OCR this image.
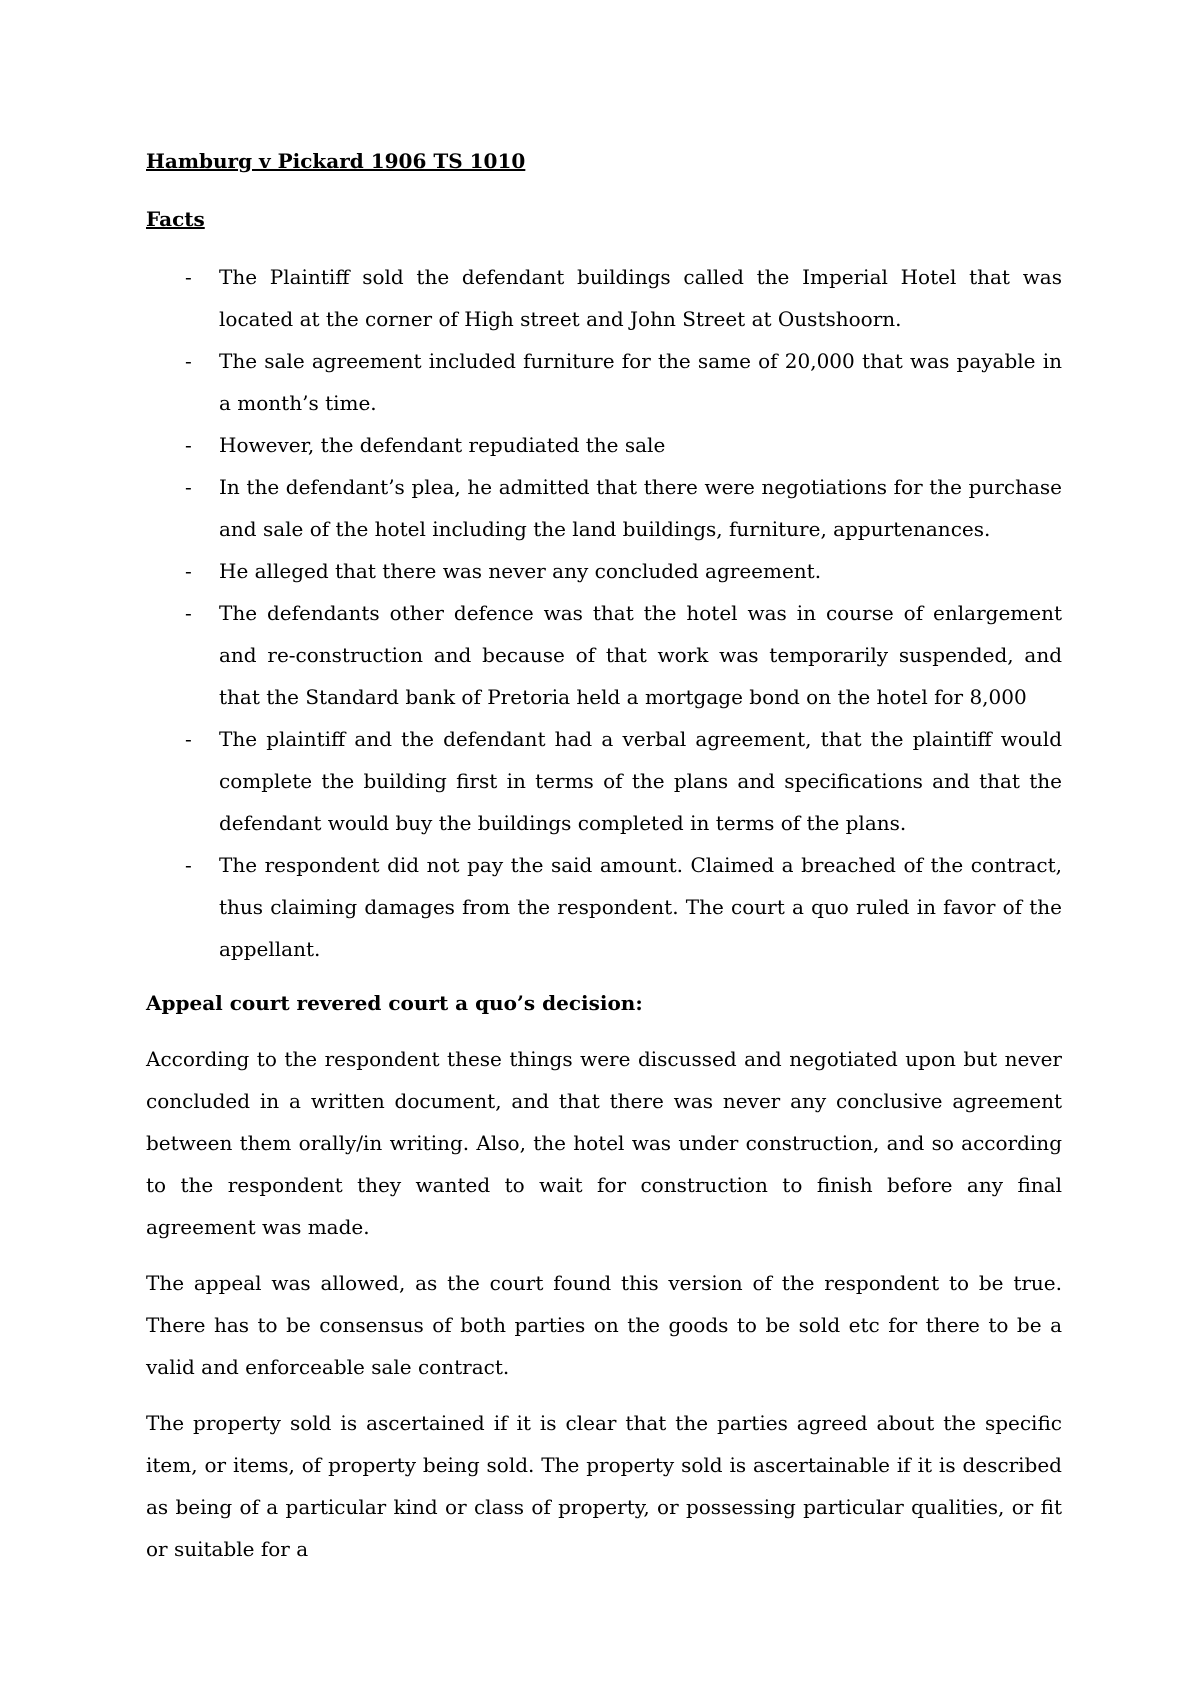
Hamburg v Pickard 1906 TS 1010
Facts
- The Plaintiff sold the defendant buildings called the Imperial Hotel that was located at the corner of High street and John Street at Oustshoorn.
- The sale agreement included furniture for the same of 20,000 that was payable in a month’s time.
- However, the defendant repudiated the sale
- In the defendant’s plea, he admitted that there were negotiations for the purchase and sale of the hotel including the land buildings, furniture, appurtenances.
- He alleged that there was never any concluded agreement.
- The defendants other defence was that the hotel was in course of enlargement and re-construction and because of that work was temporarily suspended, and that the Standard bank of Pretoria held a mortgage bond on the hotel for 8,000
- The plaintiff and the defendant had a verbal agreement, that the plaintiff would complete the building first in terms of the plans and specifications and that the defendant would buy the buildings completed in terms of the plans.
- The respondent did not pay the said amount. Claimed a breached of the contract, thus claiming damages from the respondent. The court a quo ruled in favor of the appellant.
Appeal court revered court a quo’s decision:

According to the respondent these things were discussed and negotiated upon but never concluded in a written document, and that there was never any conclusive agreement between them orally/in writing. Also, the hotel was under construction, and so according to the respondent they wanted to wait for construction to finish before any final agreement was made.

The appeal was allowed, as the court found this version of the respondent to be true. There has to be consensus of both parties on the goods to be sold etc for there to be a valid and enforceable sale contract.

The property sold is ascertained if it is clear that the parties agreed about the specific item, or items, of property being sold. The property sold is ascertainable if it is described as being of a particular kind or class of property, or possessing particular qualities, or fit or suitable for a
